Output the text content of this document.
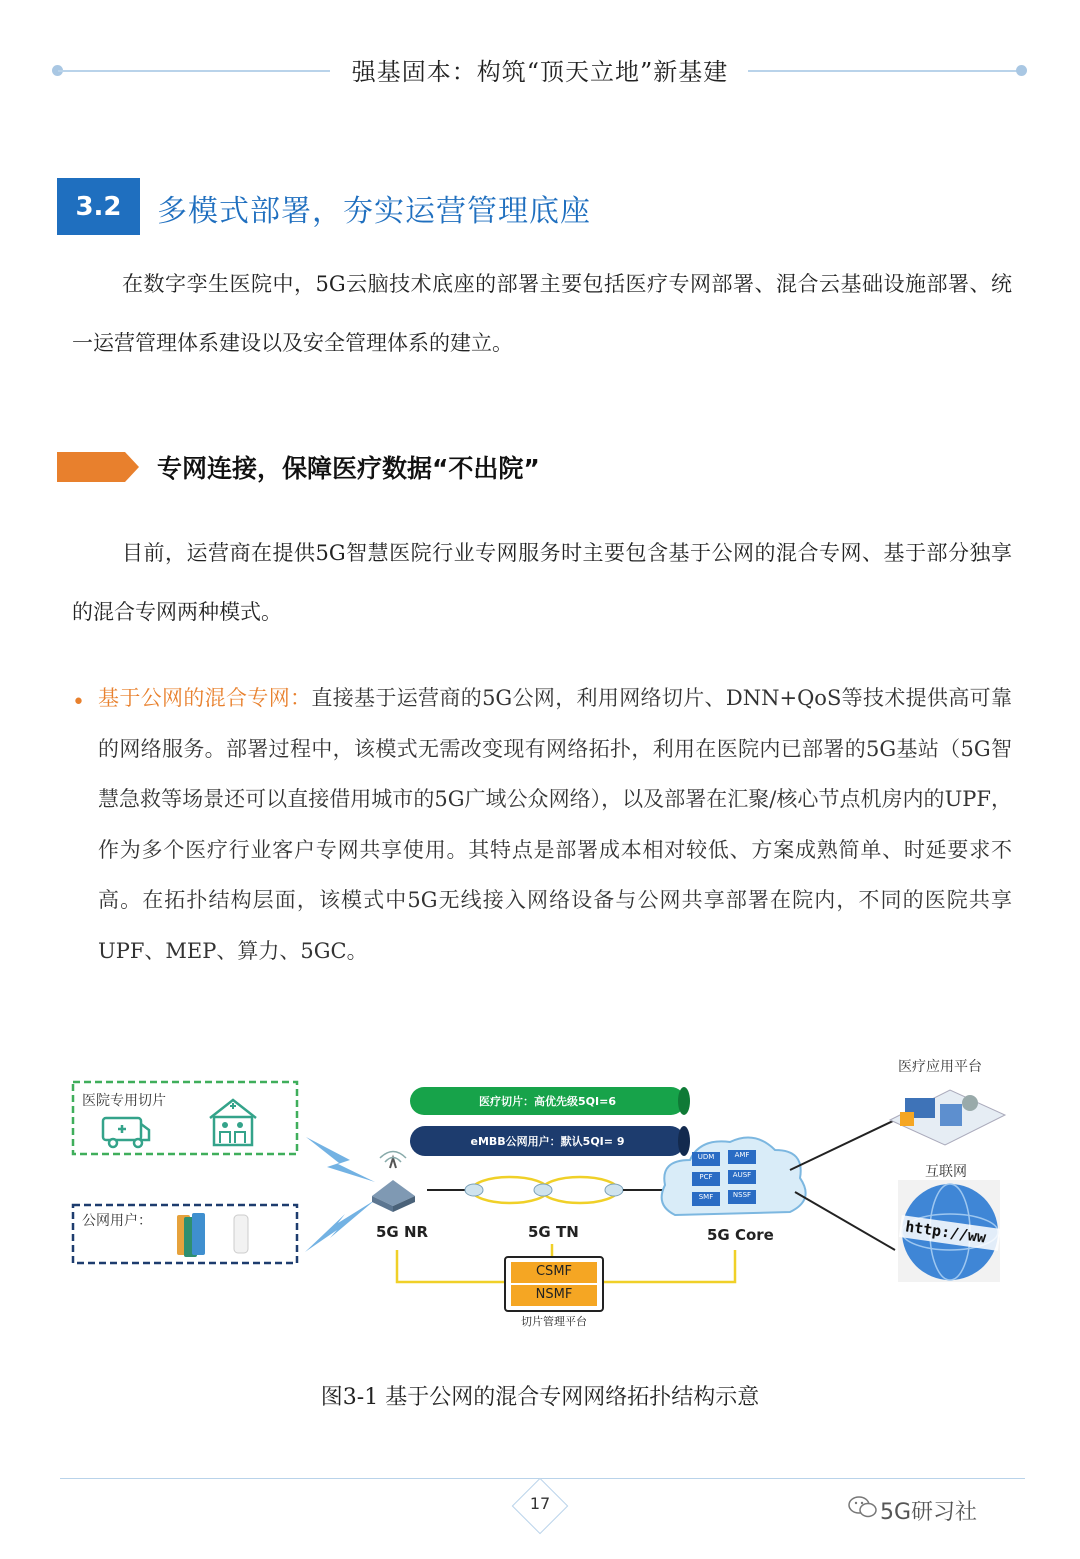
强基固本：构筑“顶天立地”新基建
3.2	多模式部署，夯实运营管理底座
在数字孪生医院中，5G云脑技术底座的部署主要包括医疗专网部署、混合云基础设施部署、统一运营管理体系建设以及安全管理体系的建立。
专网连接，保障医疗数据“不出院”
目前，运营商在提供5G智慧医院行业专网服务时主要包含基于公网的混合专网、基于部分独享的混合专网两种模式。
• 基于公网的混合专网：直接基于运营商的5G公网，利用网络切片、DNN+QoS等技术提供高可靠的网络服务。部署过程中，该模式无需改变现有网络拓扑，利用在医院内已部署的5G基站（5G智慧急救等场景还可以直接借用城市的5G广域公众网络），以及部署在汇聚/核心节点机房内的UPF，作为多个医疗行业客户专网共享使用。其特点是部署成本相对较低、方案成熟简单、时延要求不高。在拓扑结构层面，该模式中5G无线接入网络设备与公网共享部署在院内，不同的医院共享UPF、MEP、算力、5GC。
医院专用切片
公网用户：
医疗切片：高优先级5QI=6
eMBB公网用户：默认5QI= 9
UDM	AMF
PCF	AUSF
SMF	NSSF
5G NR	5G TN	5G Core
CSMF
NSMF
切片管理平台
医疗应用平台
互联网
http://ww
图3-1 基于公网的混合专网网络拓扑结构示意
17	5G研习社
